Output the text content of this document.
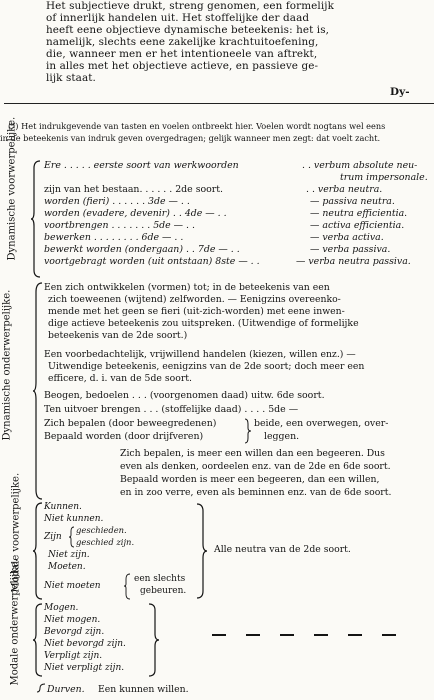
Het subjectieve drukt, streng genomen, een formelijk
of innerlijk handelen uit. Het stoffelijke der daad
heeft eene objectieve dynamische beteekenis: het is,
namelijk, slechts eene zakelijke krachtuitoefening,
die, wanneer men er het intentioneele van aftrekt,
in alles met het objectieve actieve, en passieve ge-
lijk staat.
Dy-
(*) Het indrukgevende van tasten en voelen ontbreekt hier. Voelen wordt nogtans wel eens
in de beteekenis van indruk geven overgedragen; gelijk wanneer men zegt: dat voelt zacht.
Dynamische voorwerpelijke.	Ere . . . . . eerste soort van werkwoorden	. . verbum absolute neu-
trum impersonale.
zijn van het bestaan. . . . . . 2de soort.	. . verba neutra.
worden (fieri) . . . . . . 3de — . .	— passiva neutra.
worden (evadere, devenir) . . 4de — . .	— neutra efficientia.
voortbrengen . . . . . . . 5de — . .	— activa efficientia.
bewerken . . . . . . . . 6de — . .	— verba activa.
bewerkt worden (ondergaan) . . 7de — . .	— verba passiva.
voortgebragt worden (uit ontstaan) 8ste — . .	— verba neutra passiva.
Dynamische onderwerpelijke.
Een zich ontwikkelen (vormen) tot; in de beteekenis van een
zich toeweenen (wijtend) zelfworden. — Eenigzins overeenko-
mende met het geen se fieri (uit-zich-worden) met eene inwen-
dige actieve beteekenis zou uitspreken. (Uitwendige of formelijke
beteekenis van de 2de soort.)
Een voorbedachtelijk, vrijwillend handelen (kiezen, willen enz.) —
Uitwendige beteekenis, eenigzins van de 2de soort; doch meer een
efficere, d. i. van de 5de soort.
Beogen, bedoelen . . . (voorgenomen daad) uitw. 6de soort.
Ten uitvoer brengen . . . (stoffelijke daad) . . . . 5de —
Zich bepalen (door beweegredenen)	beide, een overwegen, over-
Bepaald worden (door drijfveren)	leggen.
Zich bepalen, is meer een willen dan een begeeren. Dus
even als denken, oordeelen enz. van de 2de en 6de soort.
Bepaald worden is meer een begeeren, dan een willen,
en in zoo verre, even als beminnen enz. van de 6de soort.
Modale voorwerpelijke.	Kunnen.
Niet kunnen.
Zijn
geschieden.
geschied zijn.
Niet zijn.
Moeten.
Niet moeten
een slechts
gebeuren.
Alle neutra van de 2de soort.
Modale onderwerpelijke.	Mogen.
Niet mogen.
Bevorgd zijn.
Niet bevorgd zijn.
Verpligt zijn.
Niet verpligt zijn.
Durven. Een kunnen willen.
